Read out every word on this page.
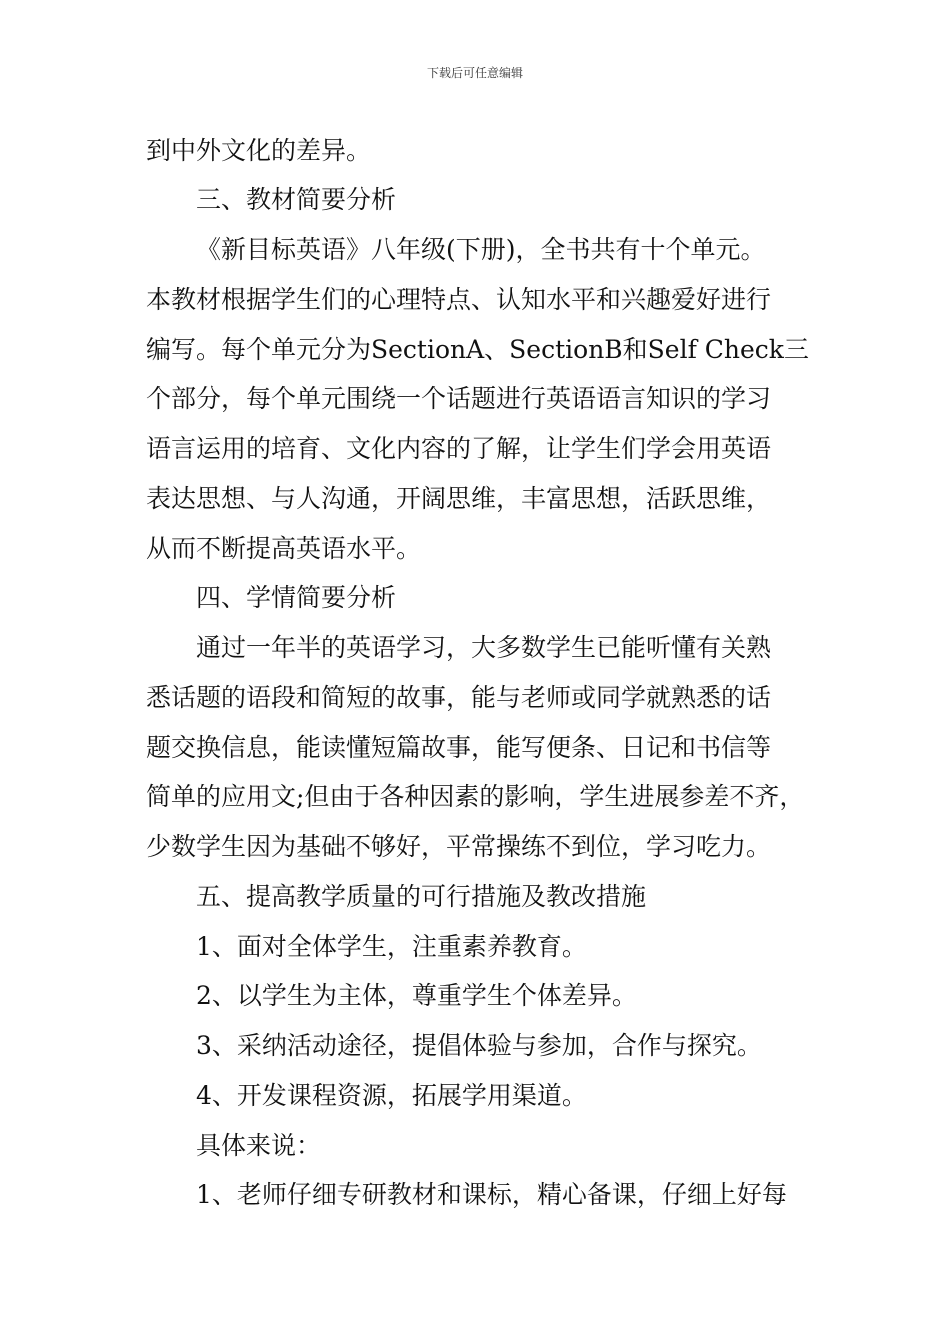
下载后可任意编辑
到中外文化的差异。
三、教材简要分析
《新目标英语》八年级(下册)，全书共有十个单元。
本教材根据学生们的心理特点、认知水平和兴趣爱好进行
编写。每个单元分为SectionA、SectionB和Self Check三
个部分，每个单元围绕一个话题进行英语语言知识的学习
语言运用的培育、文化内容的了解，让学生们学会用英语
表达思想、与人沟通，开阔思维，丰富思想，活跃思维，
从而不断提高英语水平。
四、学情简要分析
通过一年半的英语学习，大多数学生已能听懂有关熟
悉话题的语段和简短的故事，能与老师或同学就熟悉的话
题交换信息，能读懂短篇故事，能写便条、日记和书信等
简单的应用文;但由于各种因素的影响，学生进展参差不齐，
少数学生因为基础不够好，平常操练不到位，学习吃力。
五、提高教学质量的可行措施及教改措施
1、面对全体学生，注重素养教育。
2、以学生为主体，尊重学生个体差异。
3、采纳活动途径，提倡体验与参加，合作与探究。
4、开发课程资源，拓展学用渠道。
具体来说：
1、老师仔细专研教材和课标，精心备课，仔细上好每
